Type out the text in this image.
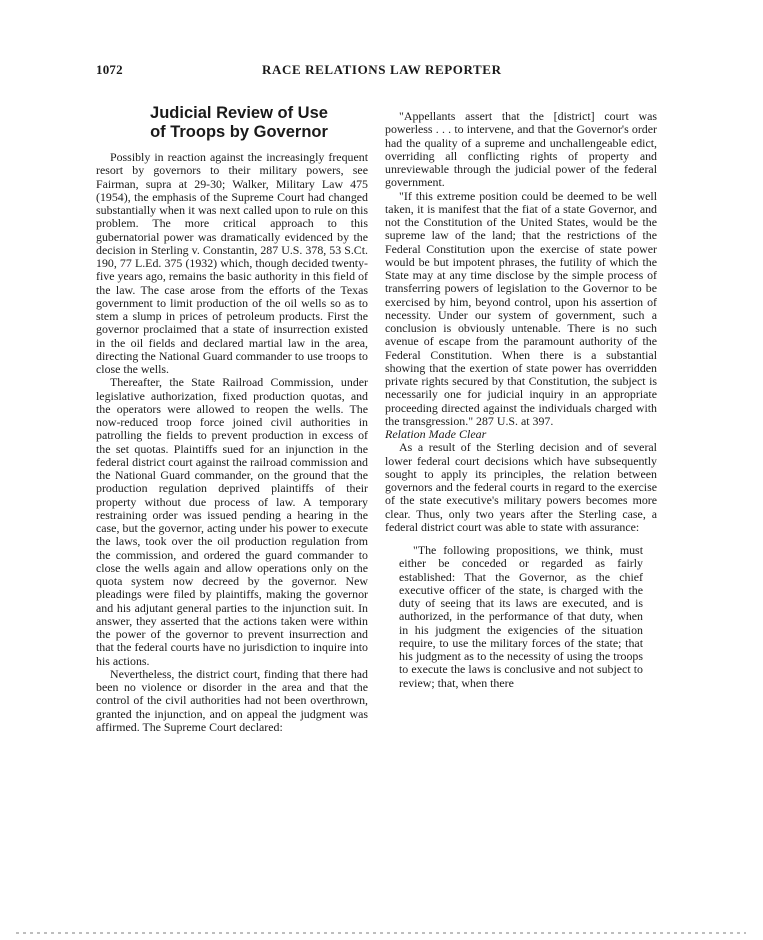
1072	RACE RELATIONS LAW REPORTER
Judicial Review of Use
of Troops by Governor

Possibly in reaction against the increasingly frequent resort by governors to their military powers, see Fairman, supra at 29-30; Walker, Military Law 475 (1954), the emphasis of the Supreme Court had changed substantially when it was next called upon to rule on this problem. The more critical approach to this gubernatorial power was dramatically evidenced by the decision in Sterling v. Constantin, 287 U.S. 378, 53 S.Ct. 190, 77 L.Ed. 375 (1932) which, though decided twenty-five years ago, remains the basic authority in this field of the law. The case arose from the efforts of the Texas government to limit production of the oil wells so as to stem a slump in prices of petroleum products. First the governor proclaimed that a state of insurrection existed in the oil fields and declared martial law in the area, directing the National Guard commander to use troops to close the wells.

Thereafter, the State Railroad Commission, under legislative authorization, fixed production quotas, and the operators were allowed to reopen the wells. The now-reduced troop force joined civil authorities in patrolling the fields to prevent production in excess of the set quotas. Plaintiffs sued for an injunction in the federal district court against the railroad commission and the National Guard commander, on the ground that the production regulation deprived plaintiffs of their property without due process of law. A temporary restraining order was issued pending a hearing in the case, but the governor, acting under his power to execute the laws, took over the oil production regulation from the commission, and ordered the guard commander to close the wells again and allow operations only on the quota system now decreed by the governor. New pleadings were filed by plaintiffs, making the governor and his adjutant general parties to the injunction suit. In answer, they asserted that the actions taken were within the power of the governor to prevent insurrection and that the federal courts have no jurisdiction to inquire into his actions.

Nevertheless, the district court, finding that there had been no violence or disorder in the area and that the control of the civil authorities had not been overthrown, granted the injunction, and on appeal the judgment was affirmed. The Supreme Court declared:

"Appellants assert that the [district] court was powerless . . . to intervene, and that the Governor's order had the quality of a supreme and unchallengeable edict, overriding all conflicting rights of property and unreviewable through the judicial power of the federal government.

"If this extreme position could be deemed to be well taken, it is manifest that the fiat of a state Governor, and not the Constitution of the United States, would be the supreme law of the land; that the restrictions of the Federal Constitution upon the exercise of state power would be but impotent phrases, the futility of which the State may at any time disclose by the simple process of transferring powers of legislation to the Governor to be exercised by him, beyond control, upon his assertion of necessity. Under our system of government, such a conclusion is obviously untenable. There is no such avenue of escape from the paramount authority of the Federal Constitution. When there is a substantial showing that the exertion of state power has overridden private rights secured by that Constitution, the subject is necessarily one for judicial inquiry in an appropriate proceeding directed against the individuals charged with the transgression." 287 U.S. at 397.

Relation Made Clear

As a result of the Sterling decision and of several lower federal court decisions which have subsequently sought to apply its principles, the relation between governors and the federal courts in regard to the exercise of the state executive's military powers becomes more clear. Thus, only two years after the Sterling case, a federal district court was able to state with assurance:

"The following propositions, we think, must either be conceded or regarded as fairly established: That the Governor, as the chief executive officer of the state, is charged with the duty of seeing that its laws are executed, and is authorized, in the performance of that duty, when in his judgment the exigencies of the situation require, to use the military forces of the state; that his judgment as to the necessity of using the troops to execute the laws is conclusive and not subject to review; that, when there
